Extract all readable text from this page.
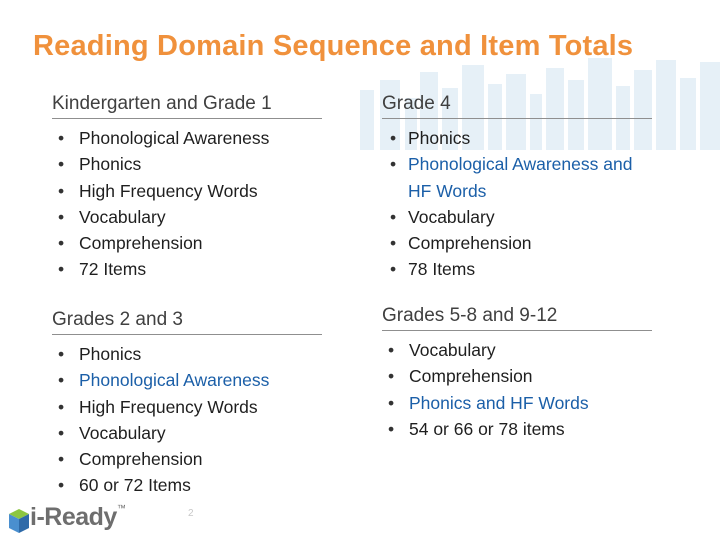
Reading Domain Sequence and Item Totals
Kindergarten and Grade 1
• Phonological Awareness
• Phonics
• High Frequency Words
• Vocabulary
• Comprehension
• 72 Items
Grade 4
• Phonics
• Phonological Awareness and HF Words
• Vocabulary
• Comprehension
• 78 Items
Grades 2 and 3
• Phonics
• Phonological Awareness
• High Frequency Words
• Vocabulary
• Comprehension
• 60 or 72 Items
Grades 5-8 and 9-12
• Vocabulary
• Comprehension
• Phonics and HF Words
• 54 or 66 or 78 items
i-Ready™	2
